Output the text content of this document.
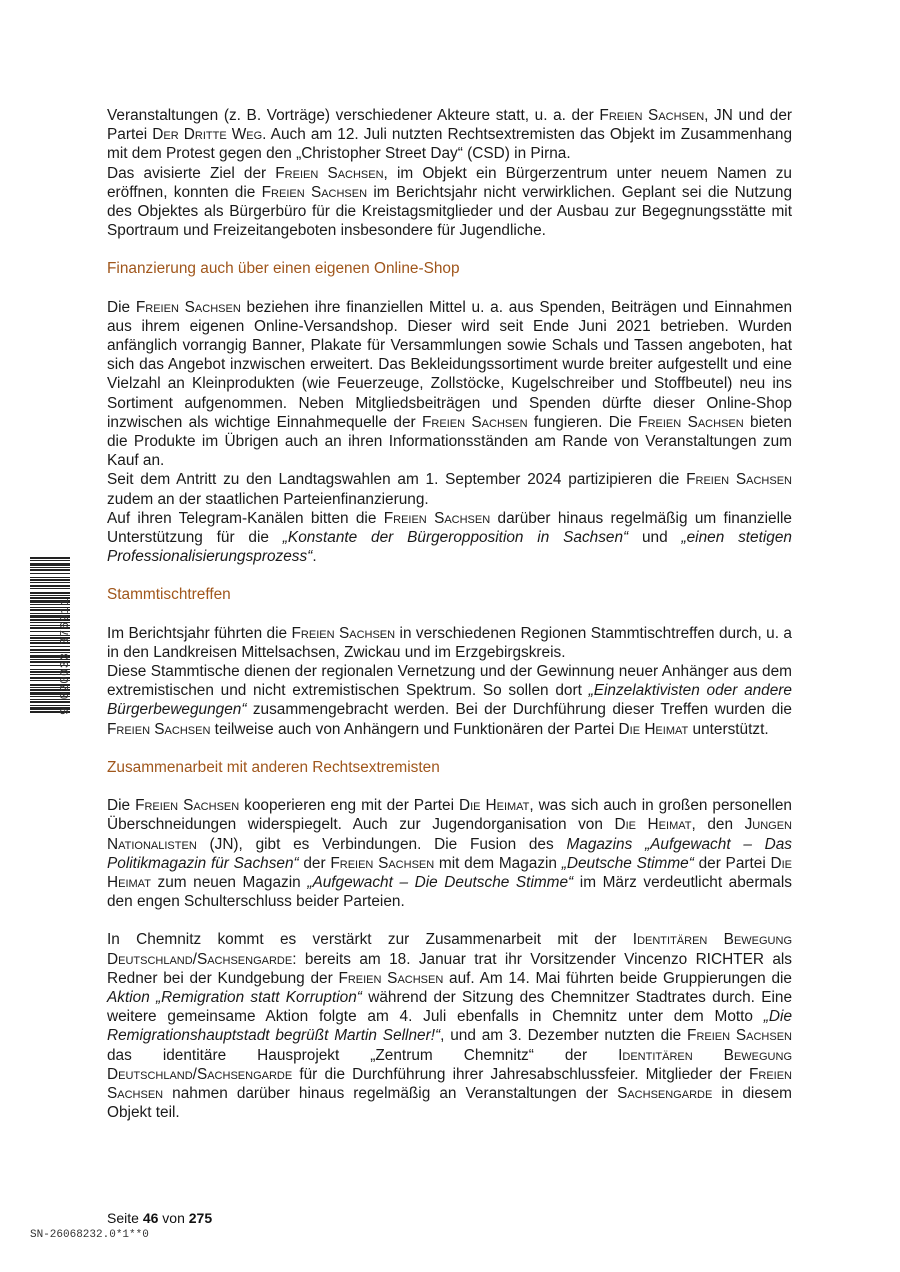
Veranstaltungen (z. B. Vorträge) verschiedener Akteure statt, u. a. der Freien Sachsen, JN und der Partei Der Dritte Weg. Auch am 12. Juli nutzten Rechtsextremisten das Objekt im Zusammenhang mit dem Protest gegen den „Christopher Street Day“ (CSD) in Pirna.

Das avisierte Ziel der Freien Sachsen, im Objekt ein Bürgerzentrum unter neuem Namen zu eröffnen, konnten die Freien Sachsen im Berichtsjahr nicht verwirklichen. Geplant sei die Nutzung des Objektes als Bürgerbüro für die Kreistagsmitglieder und der Ausbau zur Begegnungsstätte mit Sportraum und Freizeitangeboten insbesondere für Jugendliche.

Finanzierung auch über einen eigenen Online-Shop

Die Freien Sachsen beziehen ihre finanziellen Mittel u. a. aus Spenden, Beiträgen und Einnahmen aus ihrem eigenen Online-Versandshop. Dieser wird seit Ende Juni 2021 betrieben. Wurden anfänglich vorrangig Banner, Plakate für Versammlungen sowie Schals und Tassen angeboten, hat sich das Angebot inzwischen erweitert. Das Bekleidungssortiment wurde breiter aufgestellt und eine Vielzahl an Kleinprodukten (wie Feuerzeuge, Zollstöcke, Kugelschreiber und Stoffbeutel) neu ins Sortiment aufgenommen. Neben Mitgliedsbeiträgen und Spenden dürfte dieser Online-Shop inzwischen als wichtige Einnahmequelle der Freien Sachsen fungieren. Die Freien Sachsen bieten die Produkte im Übrigen auch an ihren Informationsständen am Rande von Veranstaltungen zum Kauf an.

Seit dem Antritt zu den Landtagswahlen am 1. September 2024 partizipieren die Freien Sachsen zudem an der staatlichen Parteienfinanzierung.

Auf ihren Telegram-Kanälen bitten die Freien Sachsen darüber hinaus regelmäßig um finanzielle Unterstützung für die „Konstante der Bürgeropposition in Sachsen“ und „einen stetigen Professionalisierungsprozess“.

Stammtischtreffen

Im Berichtsjahr führten die Freien Sachsen in verschiedenen Regionen Stammtischtreffen durch, u. a in den Landkreisen Mittelsachsen, Zwickau und im Erzgebirgskreis.

Diese Stammtische dienen der regionalen Vernetzung und der Gewinnung neuer Anhänger aus dem extremistischen und nicht extremistischen Spektrum. So sollen dort „Einzelaktivisten oder andere Bürgerbewegungen“ zusammengebracht werden. Bei der Durchführung dieser Treffen wurden die Freien Sachsen teilweise auch von Anhängern und Funktionären der Partei Die Heimat unterstützt.

Zusammenarbeit mit anderen Rechtsextremisten

Die Freien Sachsen kooperieren eng mit der Partei Die Heimat, was sich auch in großen personellen Überschneidungen widerspiegelt. Auch zur Jugendorganisation von Die Heimat, den Jungen Nationalisten (JN), gibt es Verbindungen. Die Fusion des Magazins „Aufgewacht – Das Politikmagazin für Sachsen“ der Freien Sachsen mit dem Magazin „Deutsche Stimme“ der Partei Die Heimat zum neuen Magazin „Aufgewacht – Die Deutsche Stimme“ im März verdeutlicht abermals den engen Schulterschluss beider Parteien.

In Chemnitz kommt es verstärkt zur Zusammenarbeit mit der Identitären Bewegung Deutschland/Sachsengarde: bereits am 18. Januar trat ihr Vorsitzender Vincenzo RICHTER als Redner bei der Kundgebung der Freien Sachsen auf. Am 14. Mai führten beide Gruppierungen die Aktion „Remigration statt Korruption“ während der Sitzung des Chemnitzer Stadtrates durch. Eine weitere gemeinsame Aktion folgte am 4. Juli ebenfalls in Chemnitz unter dem Motto „Die Remigrationshauptstadt begrüßt Martin Sellner!“, und am 3. Dezember nutzten die Freien Sachsen das identitäre Hausprojekt „Zentrum Chemnitz“ der Identitären Bewegung Deutschland/Sachsengarde für die Durchführung ihrer Jahresabschlussfeier. Mitglieder der Freien Sachsen nahmen darüber hinaus regelmäßig an Veranstaltungen der Sachsengarde in diesem Objekt teil.

9 020033 376911
Seite 46 von 275
SN-26068232.0*1**0
